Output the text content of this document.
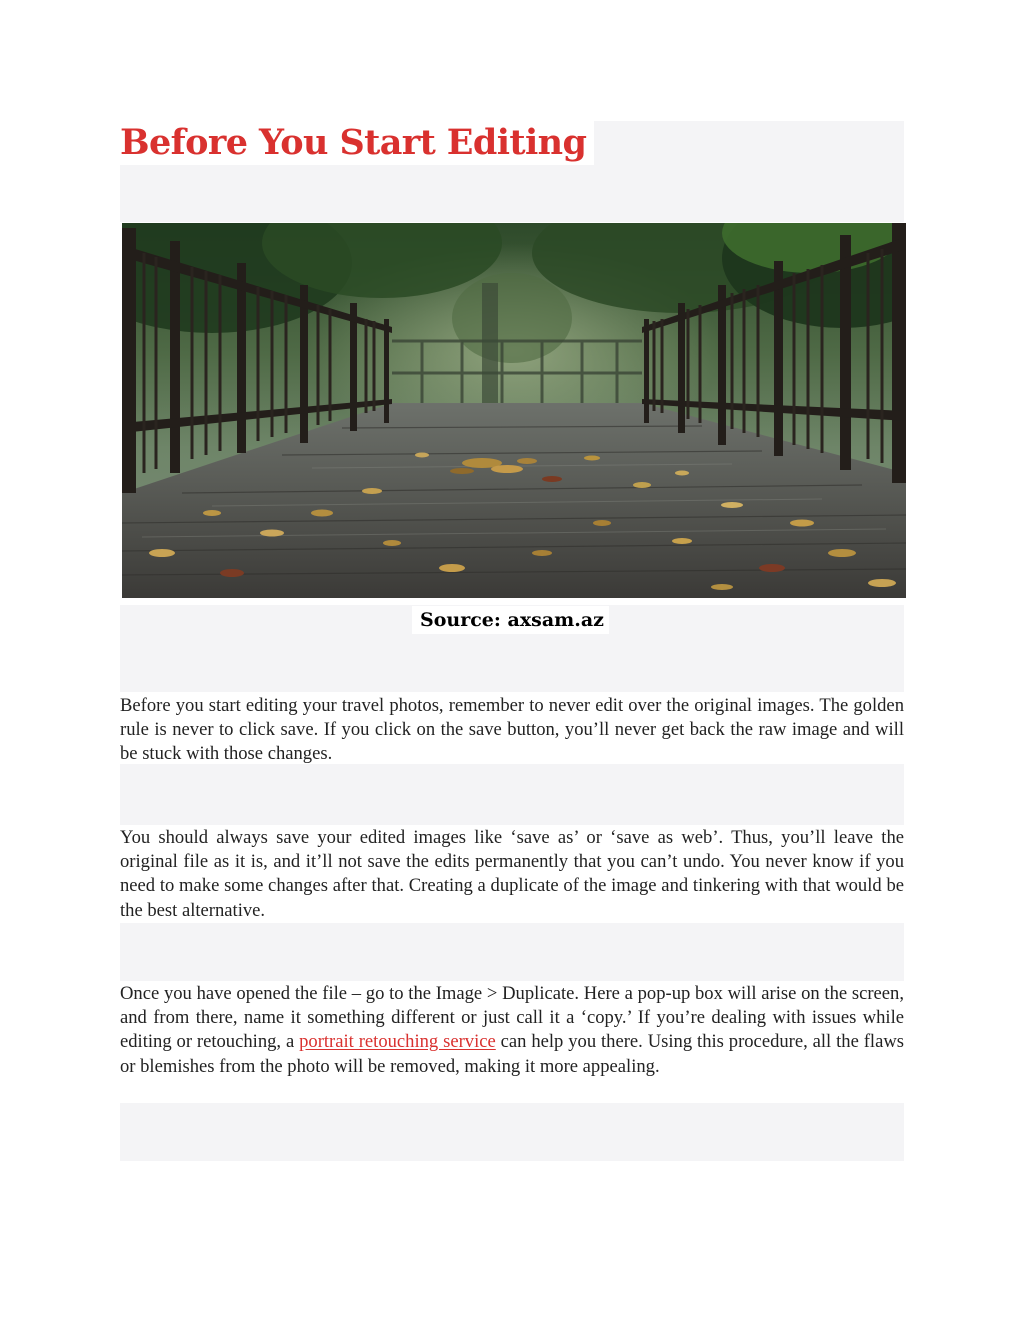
Before You Start Editing
Source: axsam.az

Before you start editing your travel photos, remember to never edit over the original images. The golden rule is never to click save. If you click on the save button, you’ll never get back the raw image and will be stuck with those changes.

You should always save your edited images like ‘save as’ or ‘save as web’. Thus, you’ll leave the original file as it is, and it’ll not save the edits permanently that you can’t undo. You never know if you need to make some changes after that. Creating a duplicate of the image and tinkering with that would be the best alternative.

Once you have opened the file – go to the Image > Duplicate. Here a pop-up box will arise on the screen, and from there, name it something different or just call it a ‘copy.’ If you’re dealing with issues while editing or retouching, a portrait retouching service can help you there. Using this procedure, all the flaws or blemishes from the photo will be removed, making it more appealing.
